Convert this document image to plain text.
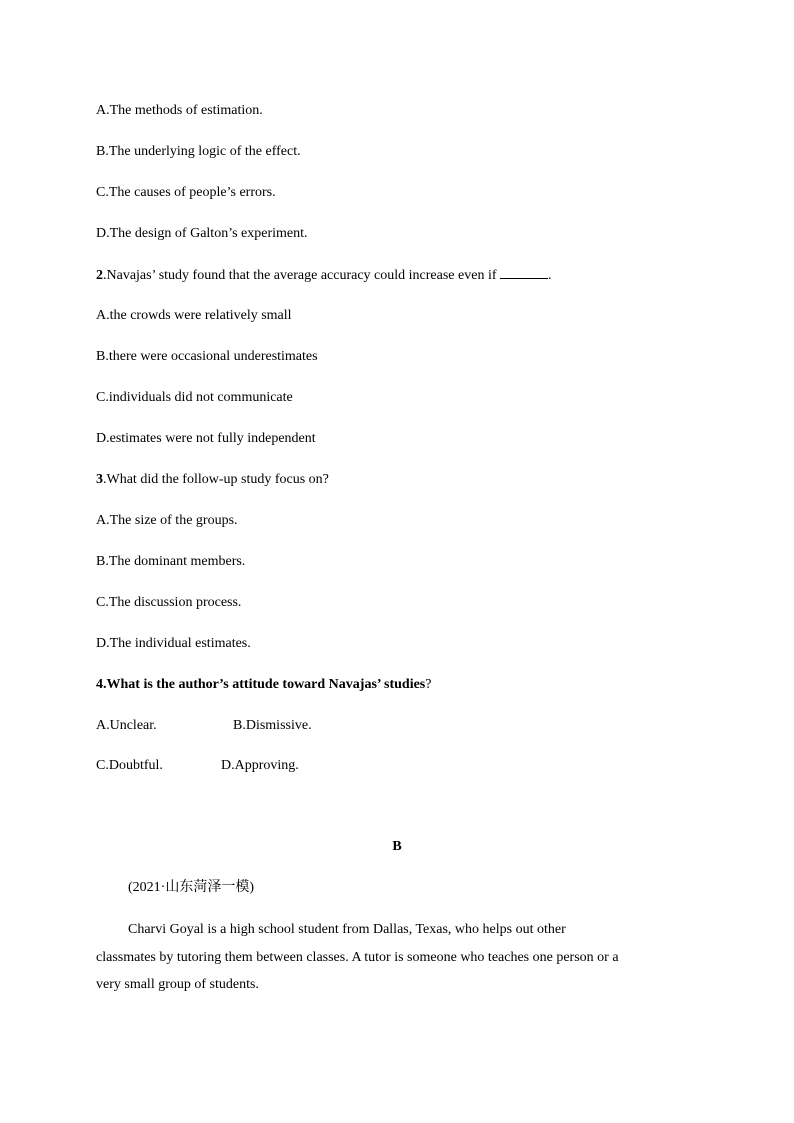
A.The methods of estimation.
B.The underlying logic of the effect.
C.The causes of people’s errors.
D.The design of Galton’s experiment.
2.Navajas’ study found that the average accuracy could increase even if	.
A.the crowds were relatively small
B.there were occasional underestimates
C.individuals did not communicate
D.estimates were not fully independent
3.What did the follow-up study focus on?
A.The size of the groups.
B.The dominant members.
C.The discussion process.
D.The individual estimates.
4.What is the author’s attitude toward Navajas’ studies?
A.Unclear.	B.Dismissive.
C.Doubtful.	D.Approving.
B
(2021·山东菏泽一模)
Charvi Goyal is a high school student from Dallas, Texas, who helps out other
classmates by tutoring them between classes. A tutor is someone who teaches one person or a
very small group of students.
